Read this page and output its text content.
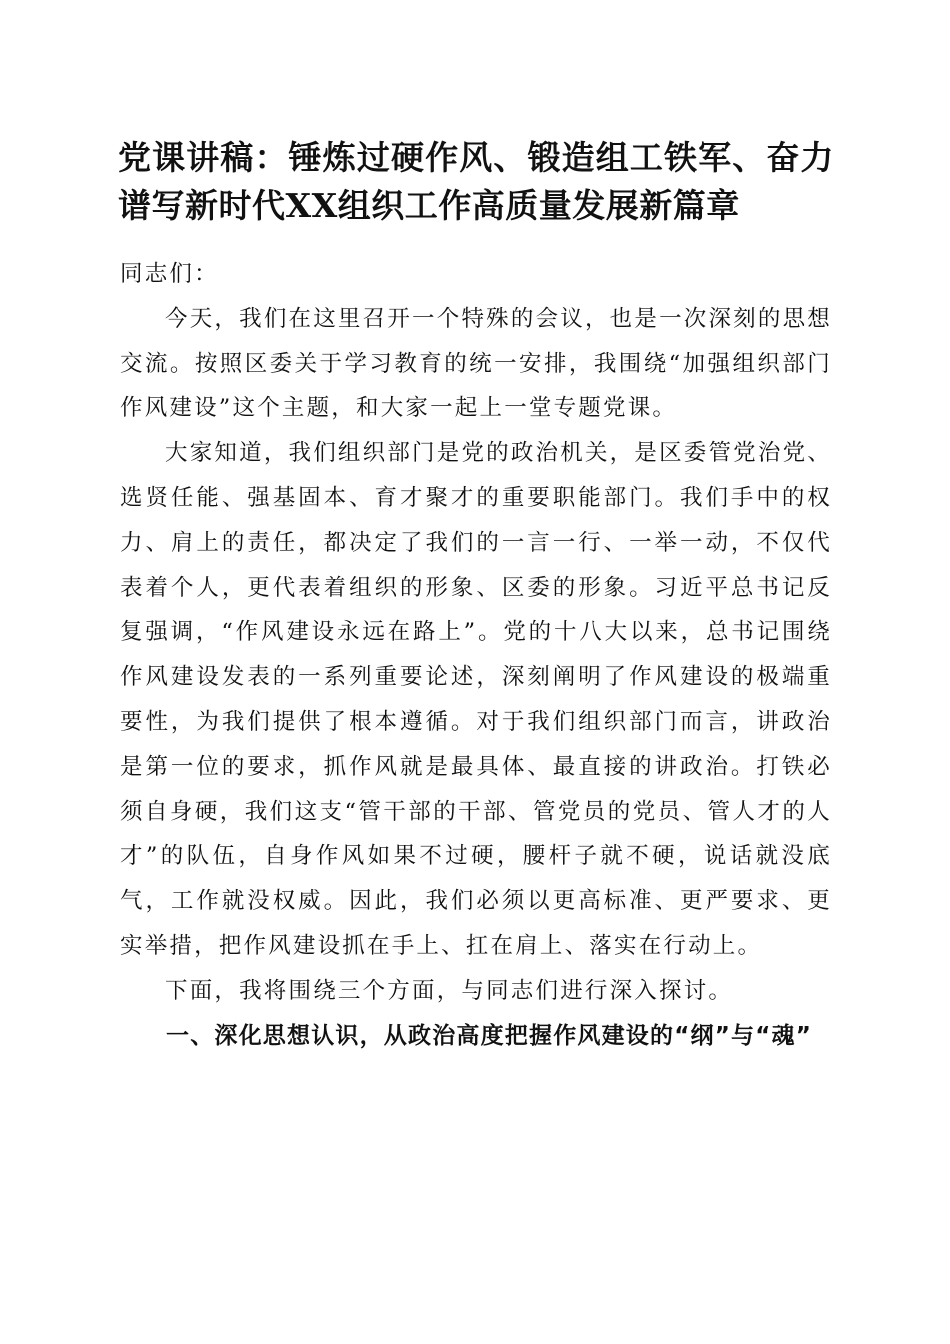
党课讲稿：锤炼过硬作风、锻造组工铁军、奋力谱写新时代XX组织工作高质量发展新篇章

同志们：

今天，我们在这里召开一个特殊的会议，也是一次深刻的思想交流。按照区委关于学习教育的统一安排，我围绕“加强组织部门作风建设”这个主题，和大家一起上一堂专题党课。

大家知道，我们组织部门是党的政治机关，是区委管党治党、选贤任能、强基固本、育才聚才的重要职能部门。我们手中的权力、肩上的责任，都决定了我们的一言一行、一举一动，不仅代表着个人，更代表着组织的形象、区委的形象。习近平总书记反复强调，“作风建设永远在路上”。党的十八大以来，总书记围绕作风建设发表的一系列重要论述，深刻阐明了作风建设的极端重要性，为我们提供了根本遵循。对于我们组织部门而言，讲政治是第一位的要求，抓作风就是最具体、最直接的讲政治。打铁必须自身硬，我们这支“管干部的干部、管党员的党员、管人才的人才”的队伍，自身作风如果不过硬，腰杆子就不硬，说话就没底气，工作就没权威。因此，我们必须以更高标准、更严要求、更实举措，把作风建设抓在手上、扛在肩上、落实在行动上。

下面，我将围绕三个方面，与同志们进行深入探讨。

一、深化思想认识，从政治高度把握作风建设的“纲”与“魂”
